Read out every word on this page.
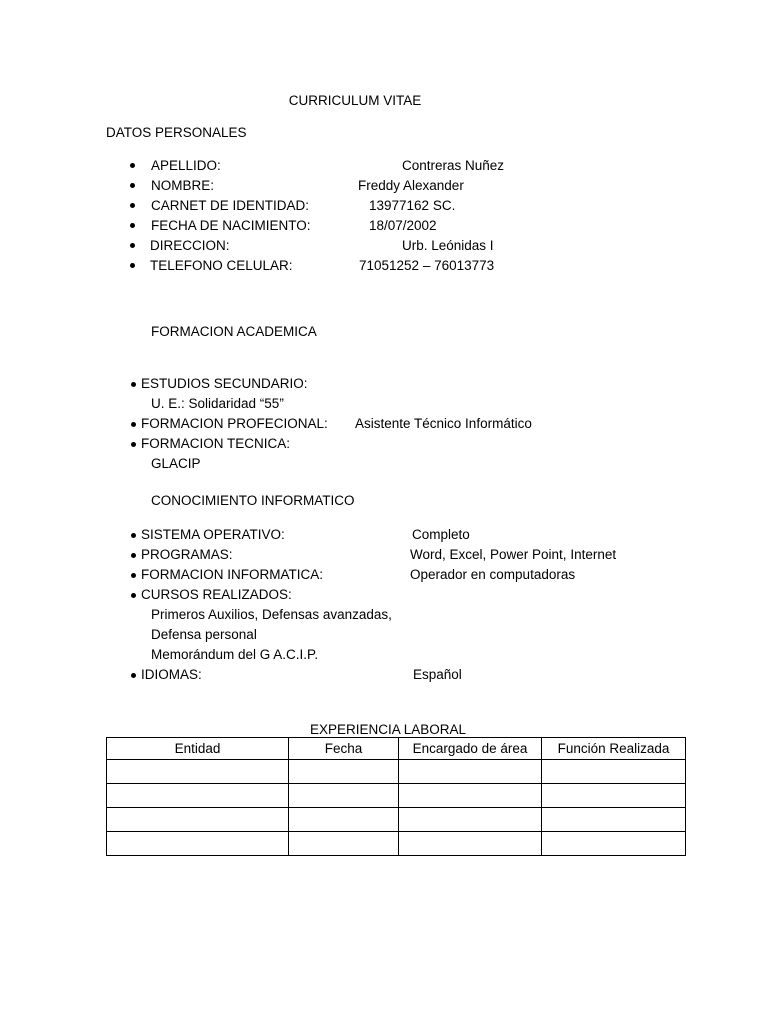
CURRICULUM VITAE
DATOS PERSONALES
APELLIDO:	Contreras Nuñez
NOMBRE:	Freddy Alexander
CARNET DE IDENTIDAD:	13977162 SC.
FECHA DE NACIMIENTO:	18/07/2002
DIRECCION:	Urb. Leónidas I
TELEFONO CELULAR:	71051252 – 76013773
FORMACION ACADEMICA
ESTUDIOS SECUNDARIO:
U. E.: Solidaridad “55”
FORMACION PROFECIONAL: Asistente Técnico Informático
FORMACION TECNICA:
GLACIP
CONOCIMIENTO INFORMATICO
SISTEMA OPERATIVO:	Completo
PROGRAMAS:	Word, Excel, Power Point, Internet
FORMACION INFORMATICA:	Operador en computadoras
CURSOS REALIZADOS:
Primeros Auxilios, Defensas avanzadas,
Defensa personal
Memorándum del G A.C.I.P.
IDIOMAS:	Español
EXPERIENCIA LABORAL
Entidad	Fecha	Encargado de área	Función Realizada
